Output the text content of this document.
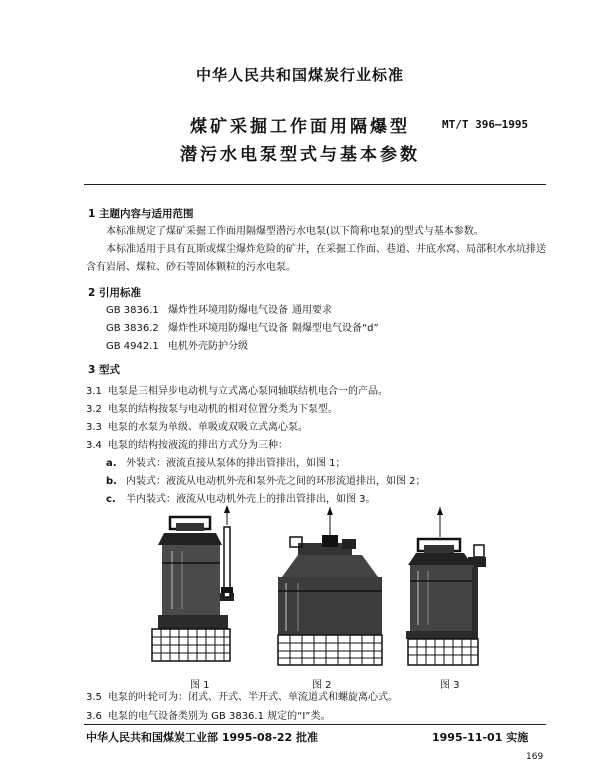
中华人民共和国煤炭行业标准
煤矿采掘工作面用隔爆型
潜污水电泵型式与基本参数
MT/T 396—1995
1 主题内容与适用范围
本标准规定了煤矿采掘工作面用隔爆型潜污水电泵(以下简称电泵)的型式与基本参数。
本标准适用于具有瓦斯或煤尘爆炸危险的矿井，在采掘工作面、巷道、井底水窝、局部积水水坑排送
含有岩屑、煤粒、砂石等固体颗粒的污水电泵。
2 引用标准
GB 3836.1 爆炸性环境用防爆电气设备 通用要求
GB 3836.2 爆炸性环境用防爆电气设备 隔爆型电气设备“d”
GB 4942.1 电机外壳防护分级
3 型式
3.1 电泵是三相异步电动机与立式离心泵同轴联结机电合一的产品。
3.2 电泵的结构按泵与电动机的相对位置分类为下泵型。
3.3 电泵的水泵为单级、单吸或双吸立式离心泵。
3.4 电泵的结构按液流的排出方式分为三种：
a. 外装式：液流直接从泵体的排出管排出，如图 1；
b. 内装式：液流从电动机外壳和泵外壳之间的环形流道排出，如图 2；
c. 半内装式：液流从电动机外壳上的排出管排出，如图 3。
图 1	图 2	图 3
3.5 电泵的叶轮可为：闭式、开式、半开式、单流道式和螺旋离心式。
3.6 电泵的电气设备类别为 GB 3836.1 规定的“I”类。
中华人民共和国煤炭工业部 1995-08-22 批准	1995-11-01 实施
169
